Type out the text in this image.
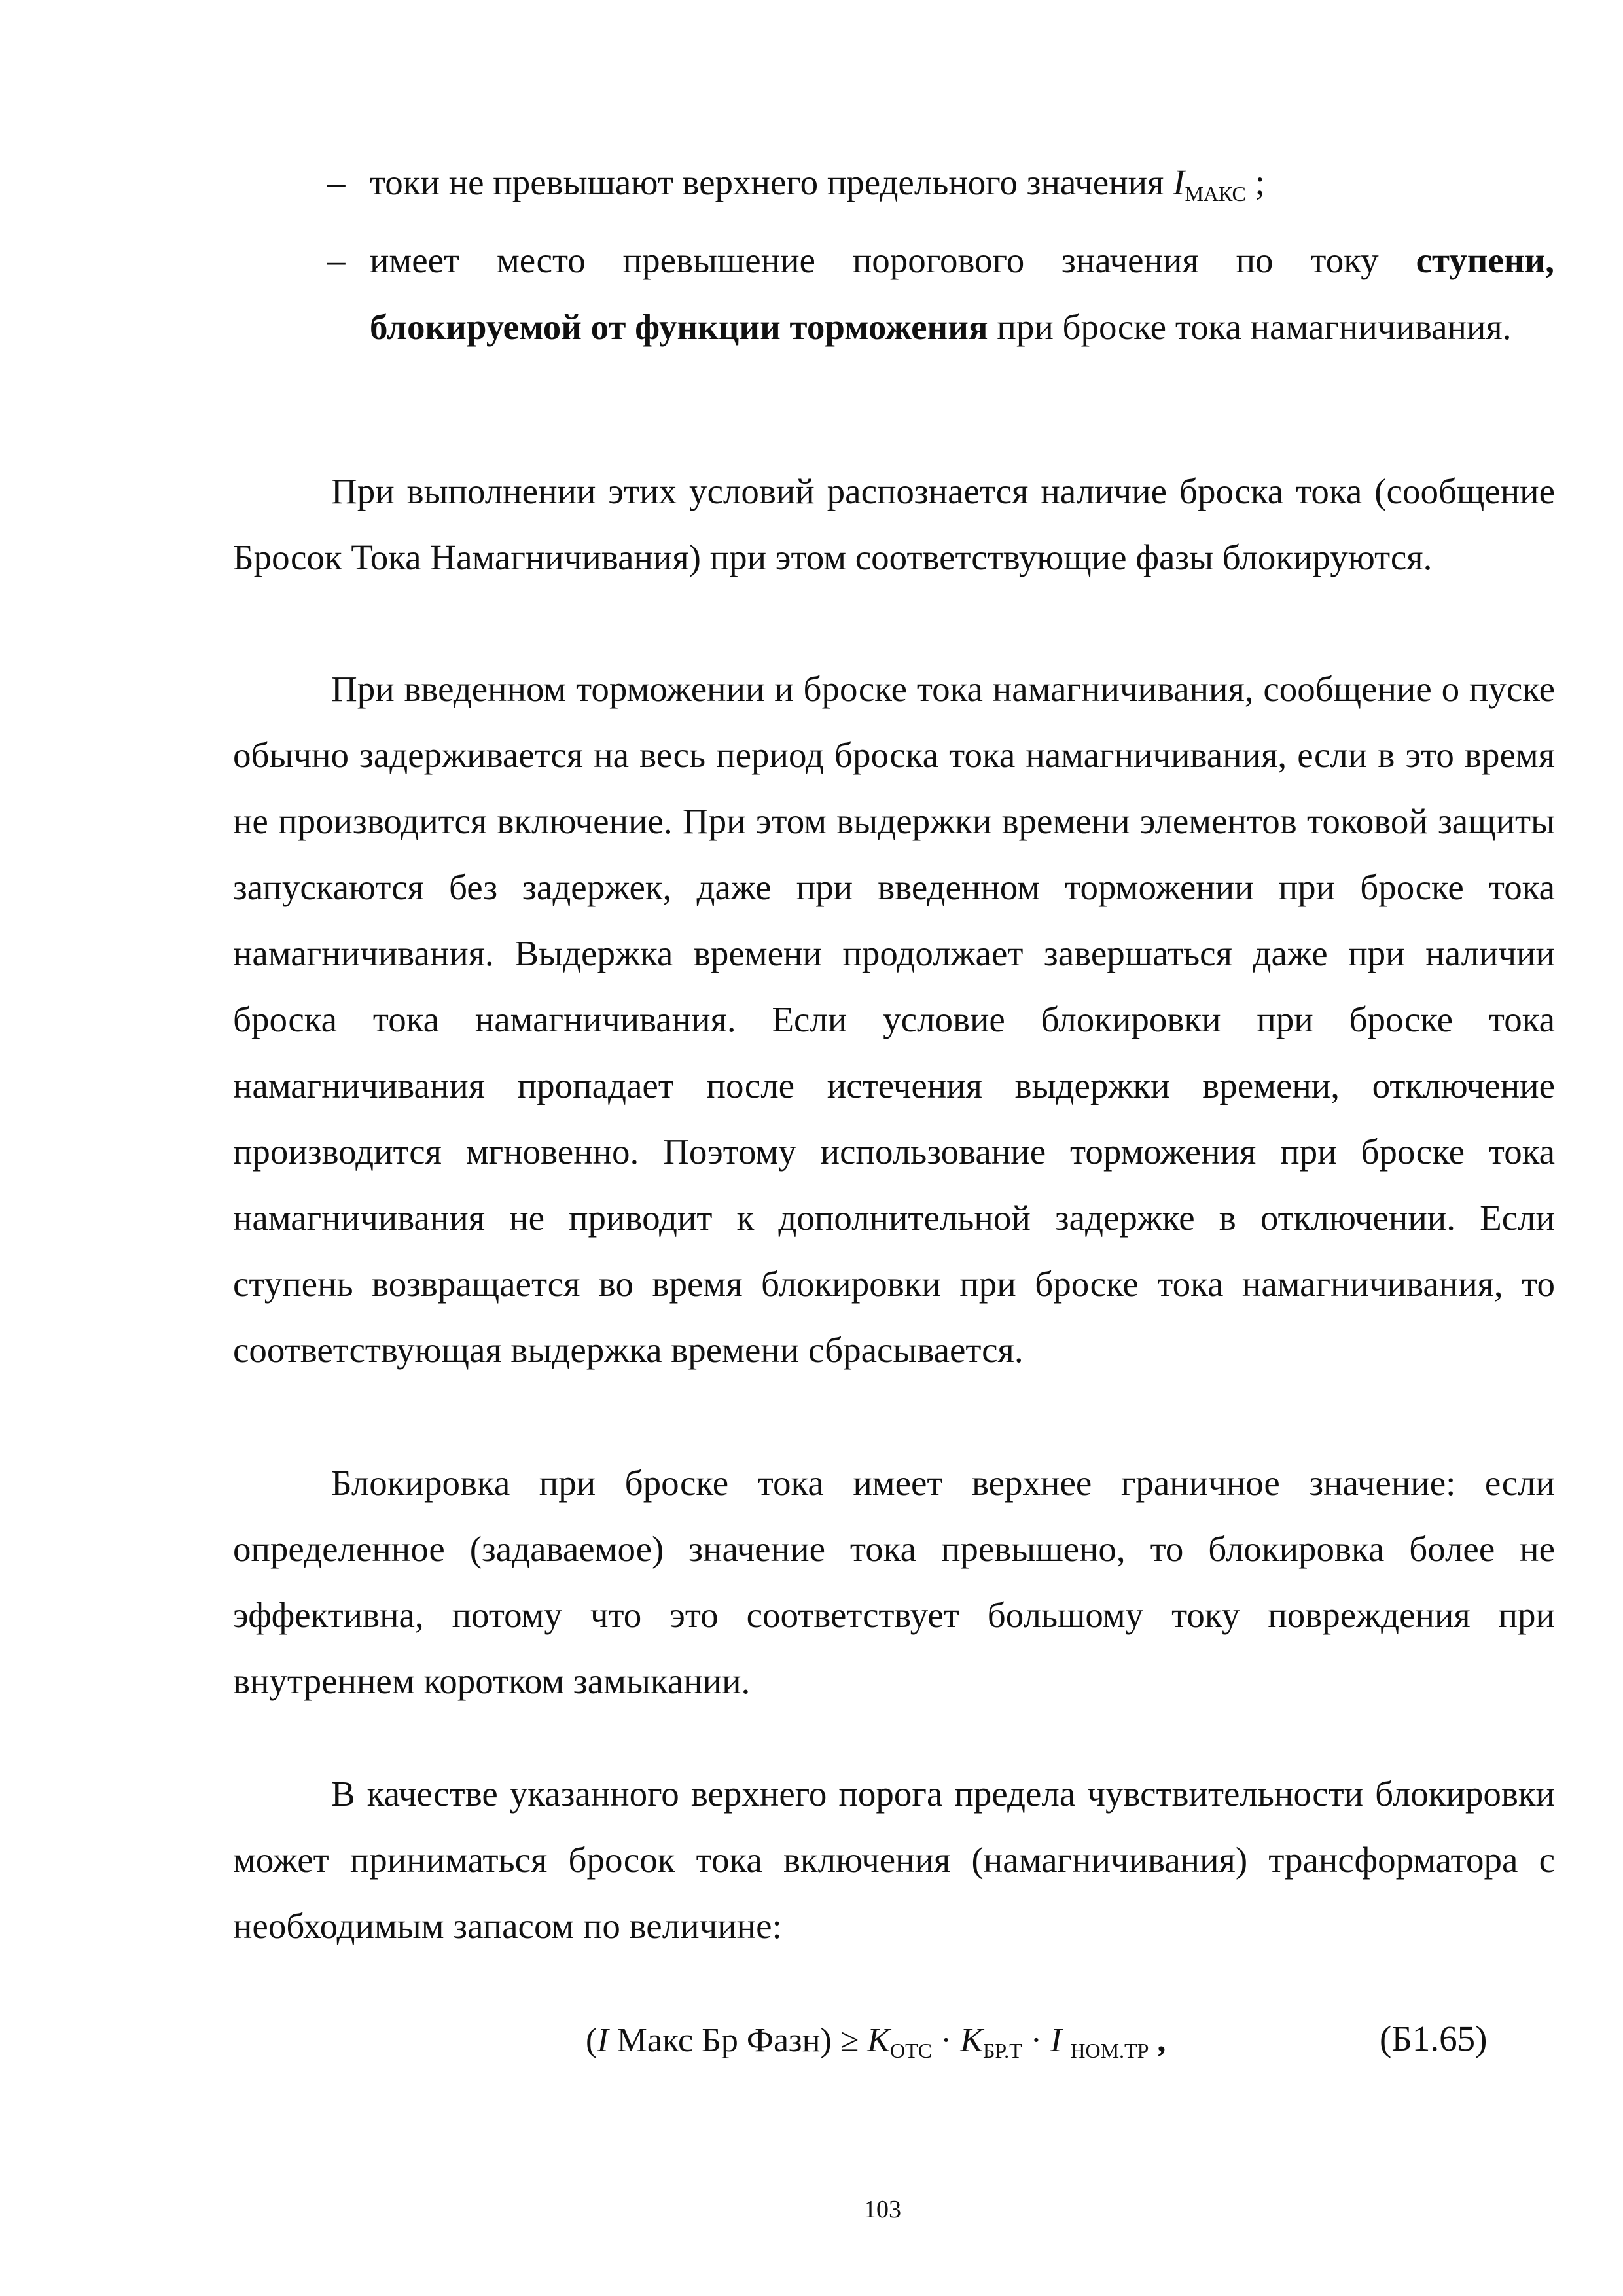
– токи не превышают верхнего предельного значения $I_{МАКС}$ ;
– имеет место превышение порогового значения по току ступени, блокируемой от функции торможения при броске тока намагничивания.

При выполнении этих условий распознается наличие броска тока (сообщение Бросок Тока Намагничивания) при этом соответствующие фазы блокируются.

При введенном торможении и броске тока намагничивания, сообщение о пуске обычно задерживается на весь период броска тока намагничивания, если в это время не производится включение. При этом выдержки времени элементов токовой защиты запускаются без задержек, даже при введенном торможении при броске тока намагничивания. Выдержка времени продолжает завершаться даже при наличии броска тока намагничивания. Если условие блокировки при броске тока намагничивания пропадает после истечения выдержки времени, отключение производится мгновенно. Поэтому использование торможения при броске тока намагничивания не приводит к дополнительной задержке в отключении. Если ступень возвращается во время блокировки при броске тока намагничивания, то соответствующая выдержка времени сбрасывается.

Блокировка при броске тока имеет верхнее граничное значение: если определенное (задаваемое) значение тока превышено, то блокировка более не эффективна, потому что это соответствует большому току повреждения при внутреннем коротком замыкании.

В качестве указанного верхнего порога предела чувствительности блокировки может приниматься бросок тока включения (намагничивания) трансформатора с необходимым запасом по величине:

(I Макс Бр Фазн) ≥ $K_{ОТС} \cdot K_{БР.Т} \cdot I$ $_{НОМ.ТР}$ ,	(Б1.65)
103
